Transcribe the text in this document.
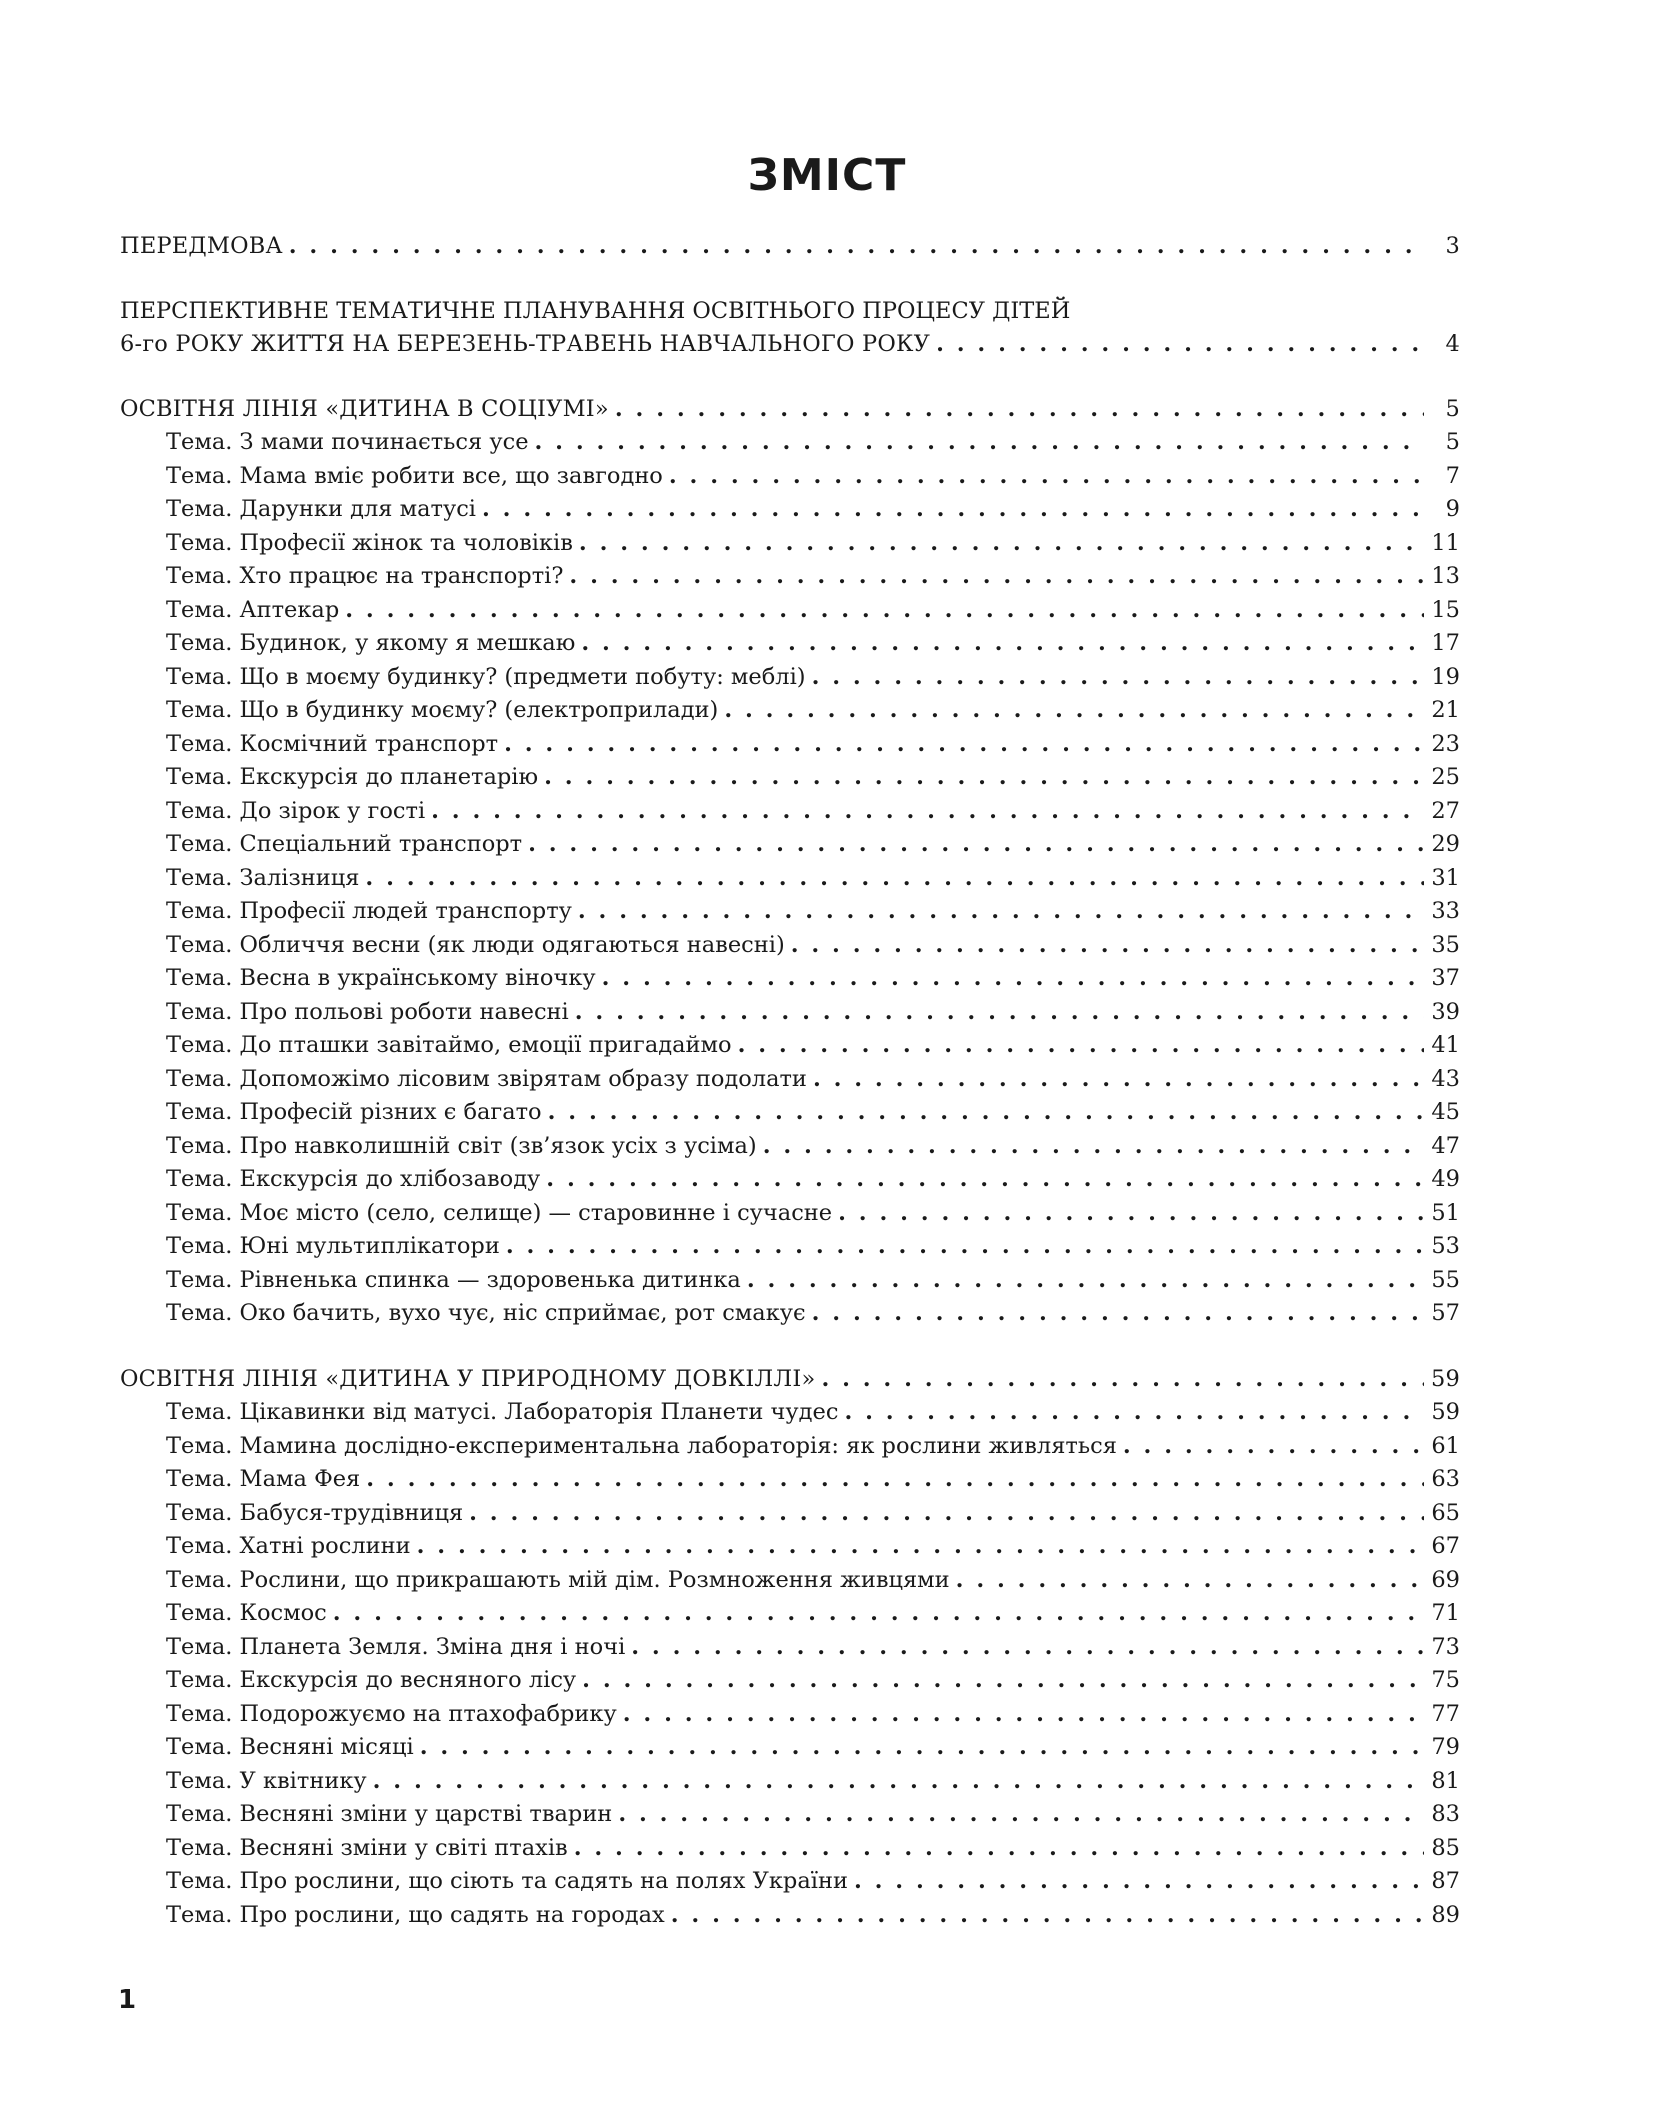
ЗМІСТ
ПЕРЕДМОВА . . .	3
ПЕРСПЕКТИВНЕ ТЕМАТИЧНЕ ПЛАНУВАННЯ ОСВІТНЬОГО ПРОЦЕСУ ДІТЕЙ
6-го РОКУ ЖИТТЯ НА БЕРЕЗЕНЬ-ТРАВЕНЬ НАВЧАЛЬНОГО РОКУ . . .	4
ОСВІТНЯ ЛІНІЯ «ДИТИНА В СОЦІУМІ» . . .	5
Тема. З мами починається усе . . .	5
Тема. Мама вміє робити все, що завгодно . . .	7
Тема. Дарунки для матусі . . .	9
Тема. Професії жінок та чоловіків . . .	11
Тема. Хто працює на транспорті? . . .	13
Тема. Аптекар . . .	15
Тема. Будинок, у якому я мешкаю . . .	17
Тема. Що в моєму будинку? (предмети побуту: меблі) . . .	19
Тема. Що в будинку моєму? (електроприлади) . . .	21
Тема. Космічний транспорт . . .	23
Тема. Екскурсія до планетарію . . .	25
Тема. До зірок у гості . . .	27
Тема. Спеціальний транспорт . . .	29
Тема. Залізниця . . .	31
Тема. Професії людей транспорту . . .	33
Тема. Обличчя весни (як люди одягаються навесні) . . .	35
Тема. Весна в українському віночку . . .	37
Тема. Про польові роботи навесні . . .	39
Тема. До пташки завітаймо, емоції пригадаймо . . .	41
Тема. Допоможімо лісовим звірятам образу подолати . . .	43
Тема. Професій різних є багато . . .	45
Тема. Про навколишній світ (зв’язок усіх з усіма) . . .	47
Тема. Екскурсія до хлібозаводу . . .	49
Тема. Моє місто (село, селище) — старовинне і сучасне . . .	51
Тема. Юні мультиплікатори . . .	53
Тема. Рівненька спинка — здоровенька дитинка . . .	55
Тема. Око бачить, вухо чує, ніс сприймає, рот смакує . . .	57
ОСВІТНЯ ЛІНІЯ «ДИТИНА У ПРИРОДНОМУ ДОВКІЛЛІ» . . .	59
Тема. Цікавинки від матусі. Лабораторія Планети чудес . . .	59
Тема. Мамина дослідно-експериментальна лабораторія: як рослини живляться . . .	61
Тема. Мама Фея . . .	63
Тема. Бабуся-трудівниця . . .	65
Тема. Хатні рослини . . .	67
Тема. Рослини, що прикрашають мій дім. Розмноження живцями . . .	69
Тема. Космос . . .	71
Тема. Планета Земля. Зміна дня і ночі . . .	73
Тема. Екскурсія до весняного лісу . . .	75
Тема. Подорожуємо на птахофабрику . . .	77
Тема. Весняні місяці . . .	79
Тема. У квітнику . . .	81
Тема. Весняні зміни у царстві тварин . . .	83
Тема. Весняні зміни у світі птахів . . .	85
Тема. Про рослини, що сіють та садять на полях України . . .	87
Тема. Про рослини, що садять на городах . . .	89
1
